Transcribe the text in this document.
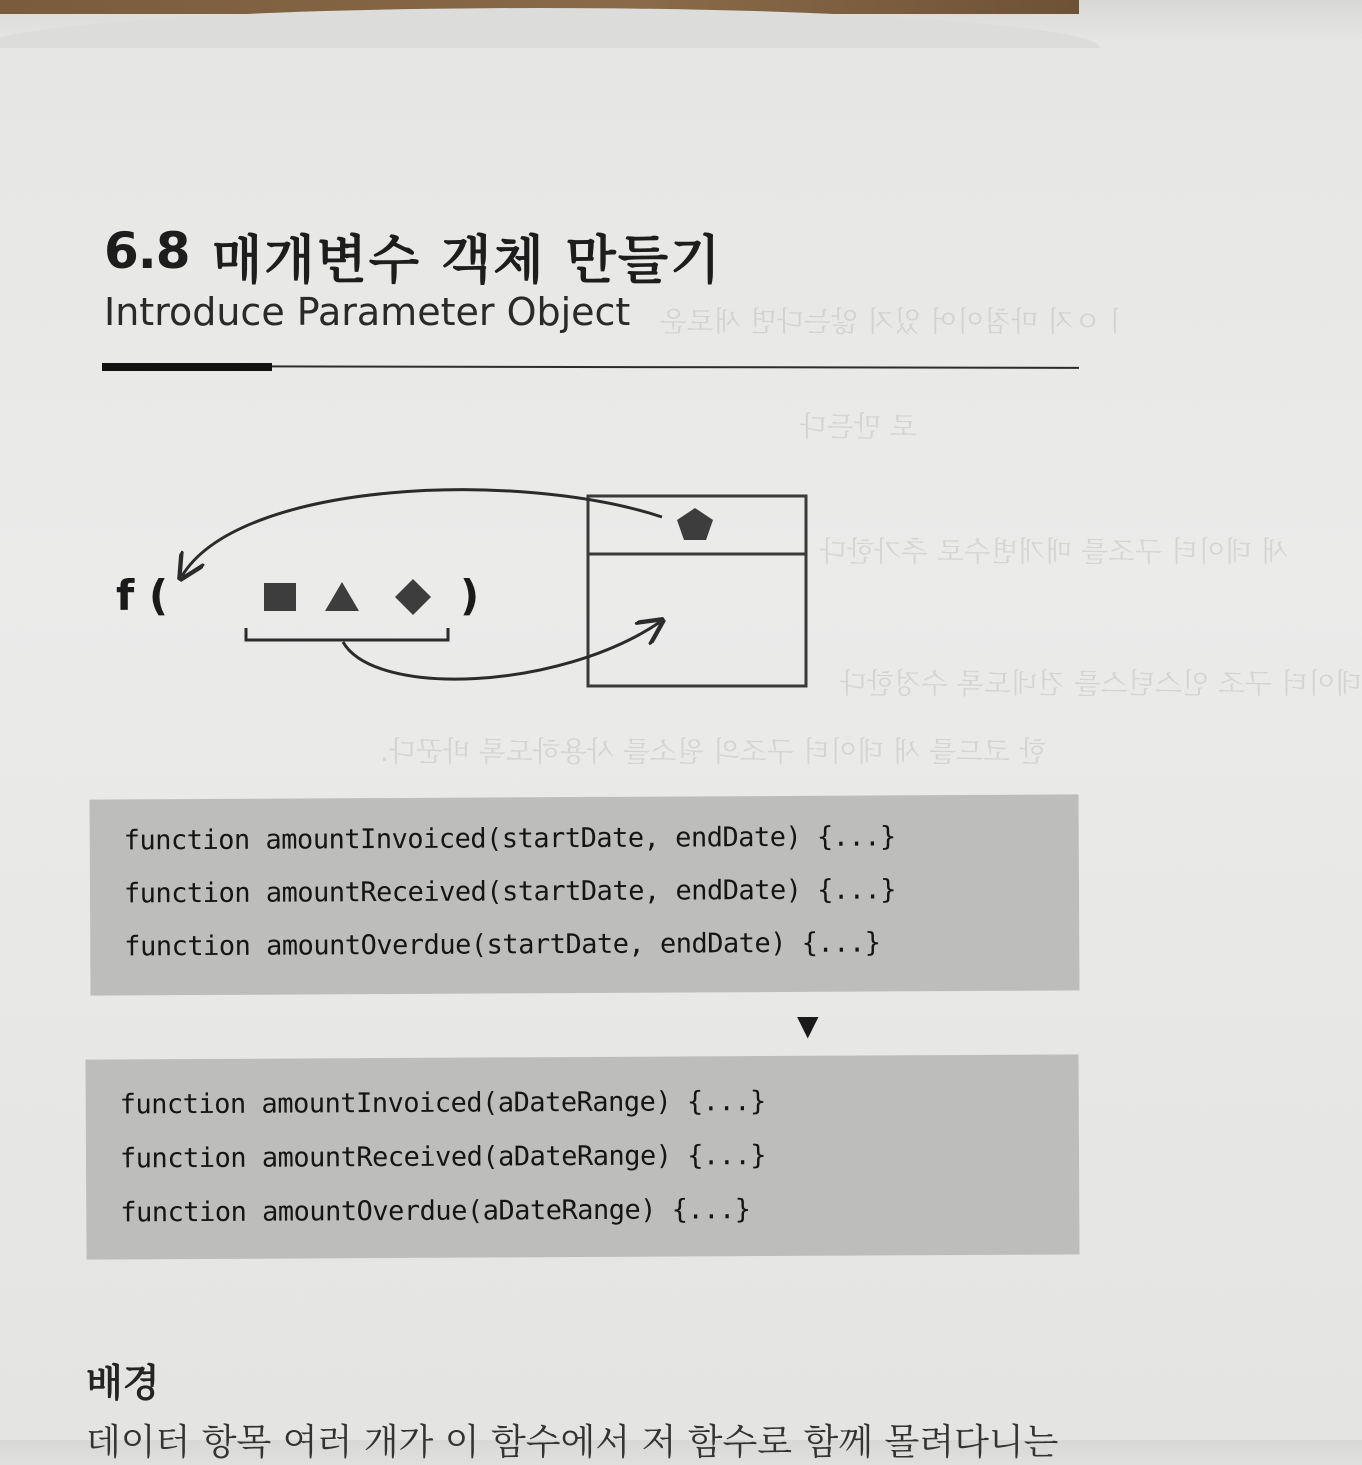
ㅣㅇ지 마침이어 있지 않는다면 새로운
로 만든다
새 데이터 구조를 매개변수로 추가한다
데이터 구조 인스턴스를 건네도록 수정한다
한 코드를 새 데이터 구조의 원소를 사용하도록 바꾼다.
6.8 매개변수 객체 만들기
Introduce Parameter Object
f (	)
function amountInvoiced(startDate, endDate) {...}
function amountReceived(startDate, endDate) {...}
function amountOverdue(startDate, endDate) {...}
▼
function amountInvoiced(aDateRange) {...}
function amountReceived(aDateRange) {...}
function amountOverdue(aDateRange) {...}
배경
데이터 항목 여러 개가 이 함수에서 저 함수로 함께 몰려다니는
